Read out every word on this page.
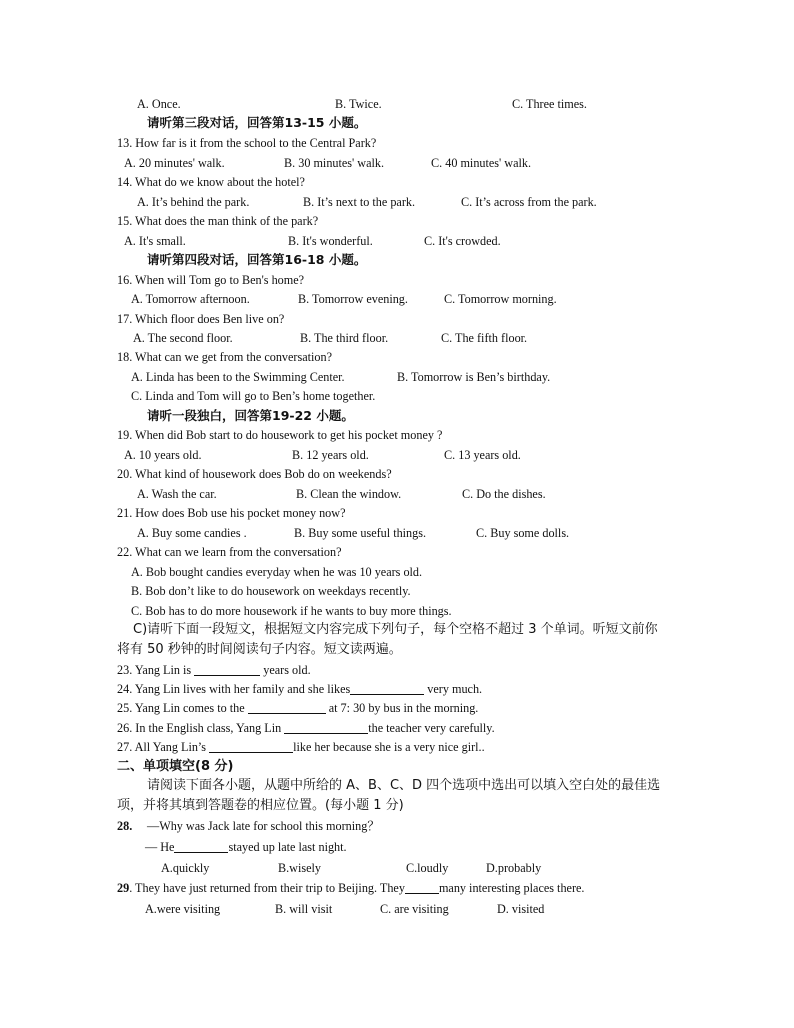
A. Once.	B. Twice.	C. Three times.
请听第三段对话，回答第13-15 小题。
13. How far is it from the school to the Central Park?
A. 20 minutes' walk.	B. 30 minutes' walk.	C. 40 minutes' walk.
14. What do we know about the hotel?
A. It’s behind the park.	B. It’s next to the park.	C. It’s across from the park.
15. What does the man think of the park?
A. It's small.	B. It's wonderful.	C. It's crowded.
请听第四段对话，回答第16-18 小题。
16. When will Tom go to Ben's home?
A. Tomorrow afternoon.	B. Tomorrow evening.	C. Tomorrow morning.
17. Which floor does Ben live on?
A. The second floor.	B. The third floor.	C. The fifth floor.
18. What can we get from the conversation?
A. Linda has been to the Swimming Center.	B. Tomorrow is Ben’s birthday.
C. Linda and Tom will go to Ben’s home together.
请听一段独白，回答第19-22 小题。
19. When did Bob start to do housework to get his pocket money ?
A. 10 years old.	B. 12 years old.	C. 13 years old.
20. What kind of housework does Bob do on weekends?
A. Wash the car.	B. Clean the window.	C. Do the dishes.
21. How does Bob use his pocket money now?
A. Buy some candies .	B. Buy some useful things.	C. Buy some dolls.
22. What can we learn from the conversation?
A. Bob bought candies everyday when he was 10 years old.
B. Bob don’t like to do housework on weekdays recently.
C. Bob has to do more housework if he wants to buy more things.
C)请听下面一段短文，根据短文内容完成下列句子，每个空格不超过 3 个单词。听短文前你
将有 50 秒钟的时间阅读句子内容。短文读两遍。
23. Yang Lin is	years old.
24. Yang Lin lives with her family and she likes	very much.
25. Yang Lin comes to the	at 7: 30 by bus in the morning.
26. In the English class, Yang Lin	the teacher very carefully.
27. All Yang Lin’s	like her because she is a very nice girl..
二、单项填空(8 分)
请阅读下面各小题，从题中所给的 A、B、C、D 四个选项中选出可以填入空白处的最佳选
项，并将其填到答题卷的相应位置。(每小题 1 分)
28. —Why was Jack late for school this morning？
— He	stayed up late last night.
A.quickly	B.wisely	C.loudly	D.probably
29. They have just returned from their trip to Beijing. They	many interesting places there.
A.were visiting	B. will visit	C. are visiting	D. visited
